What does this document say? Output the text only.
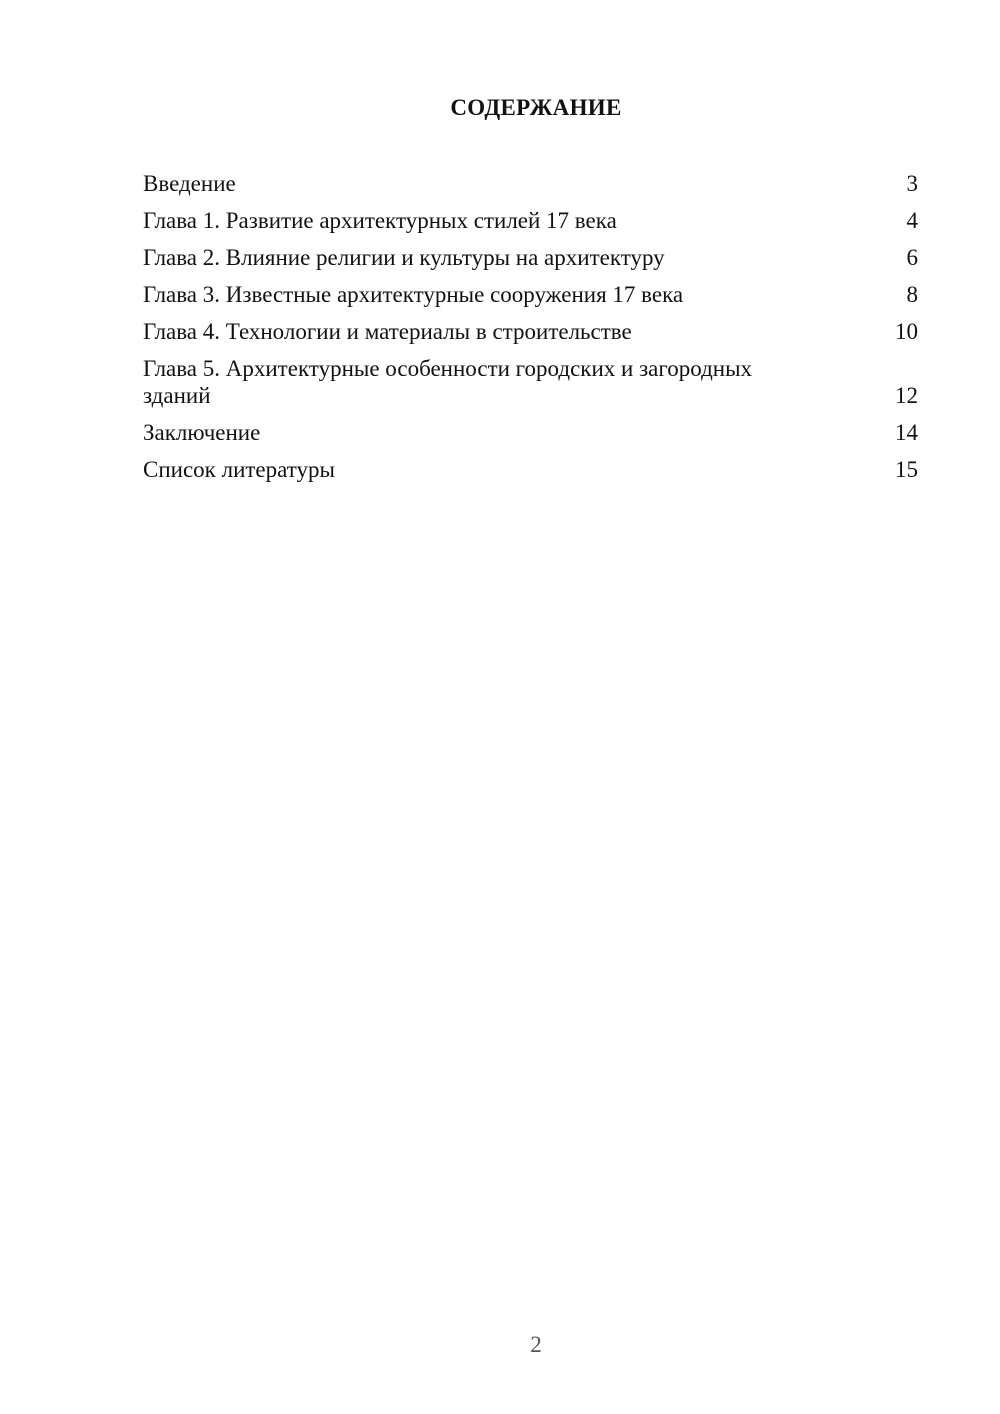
СОДЕРЖАНИЕ
Введение	3
Глава 1. Развитие архитектурных стилей 17 века	4
Глава 2. Влияние религии и культуры на архитектуру	6
Глава 3. Известные архитектурные сооружения 17 века	8
Глава 4. Технологии и материалы в строительстве	10
Глава 5. Архитектурные особенности городских и загородных зданий	12
Заключение	14
Список литературы	15
2
